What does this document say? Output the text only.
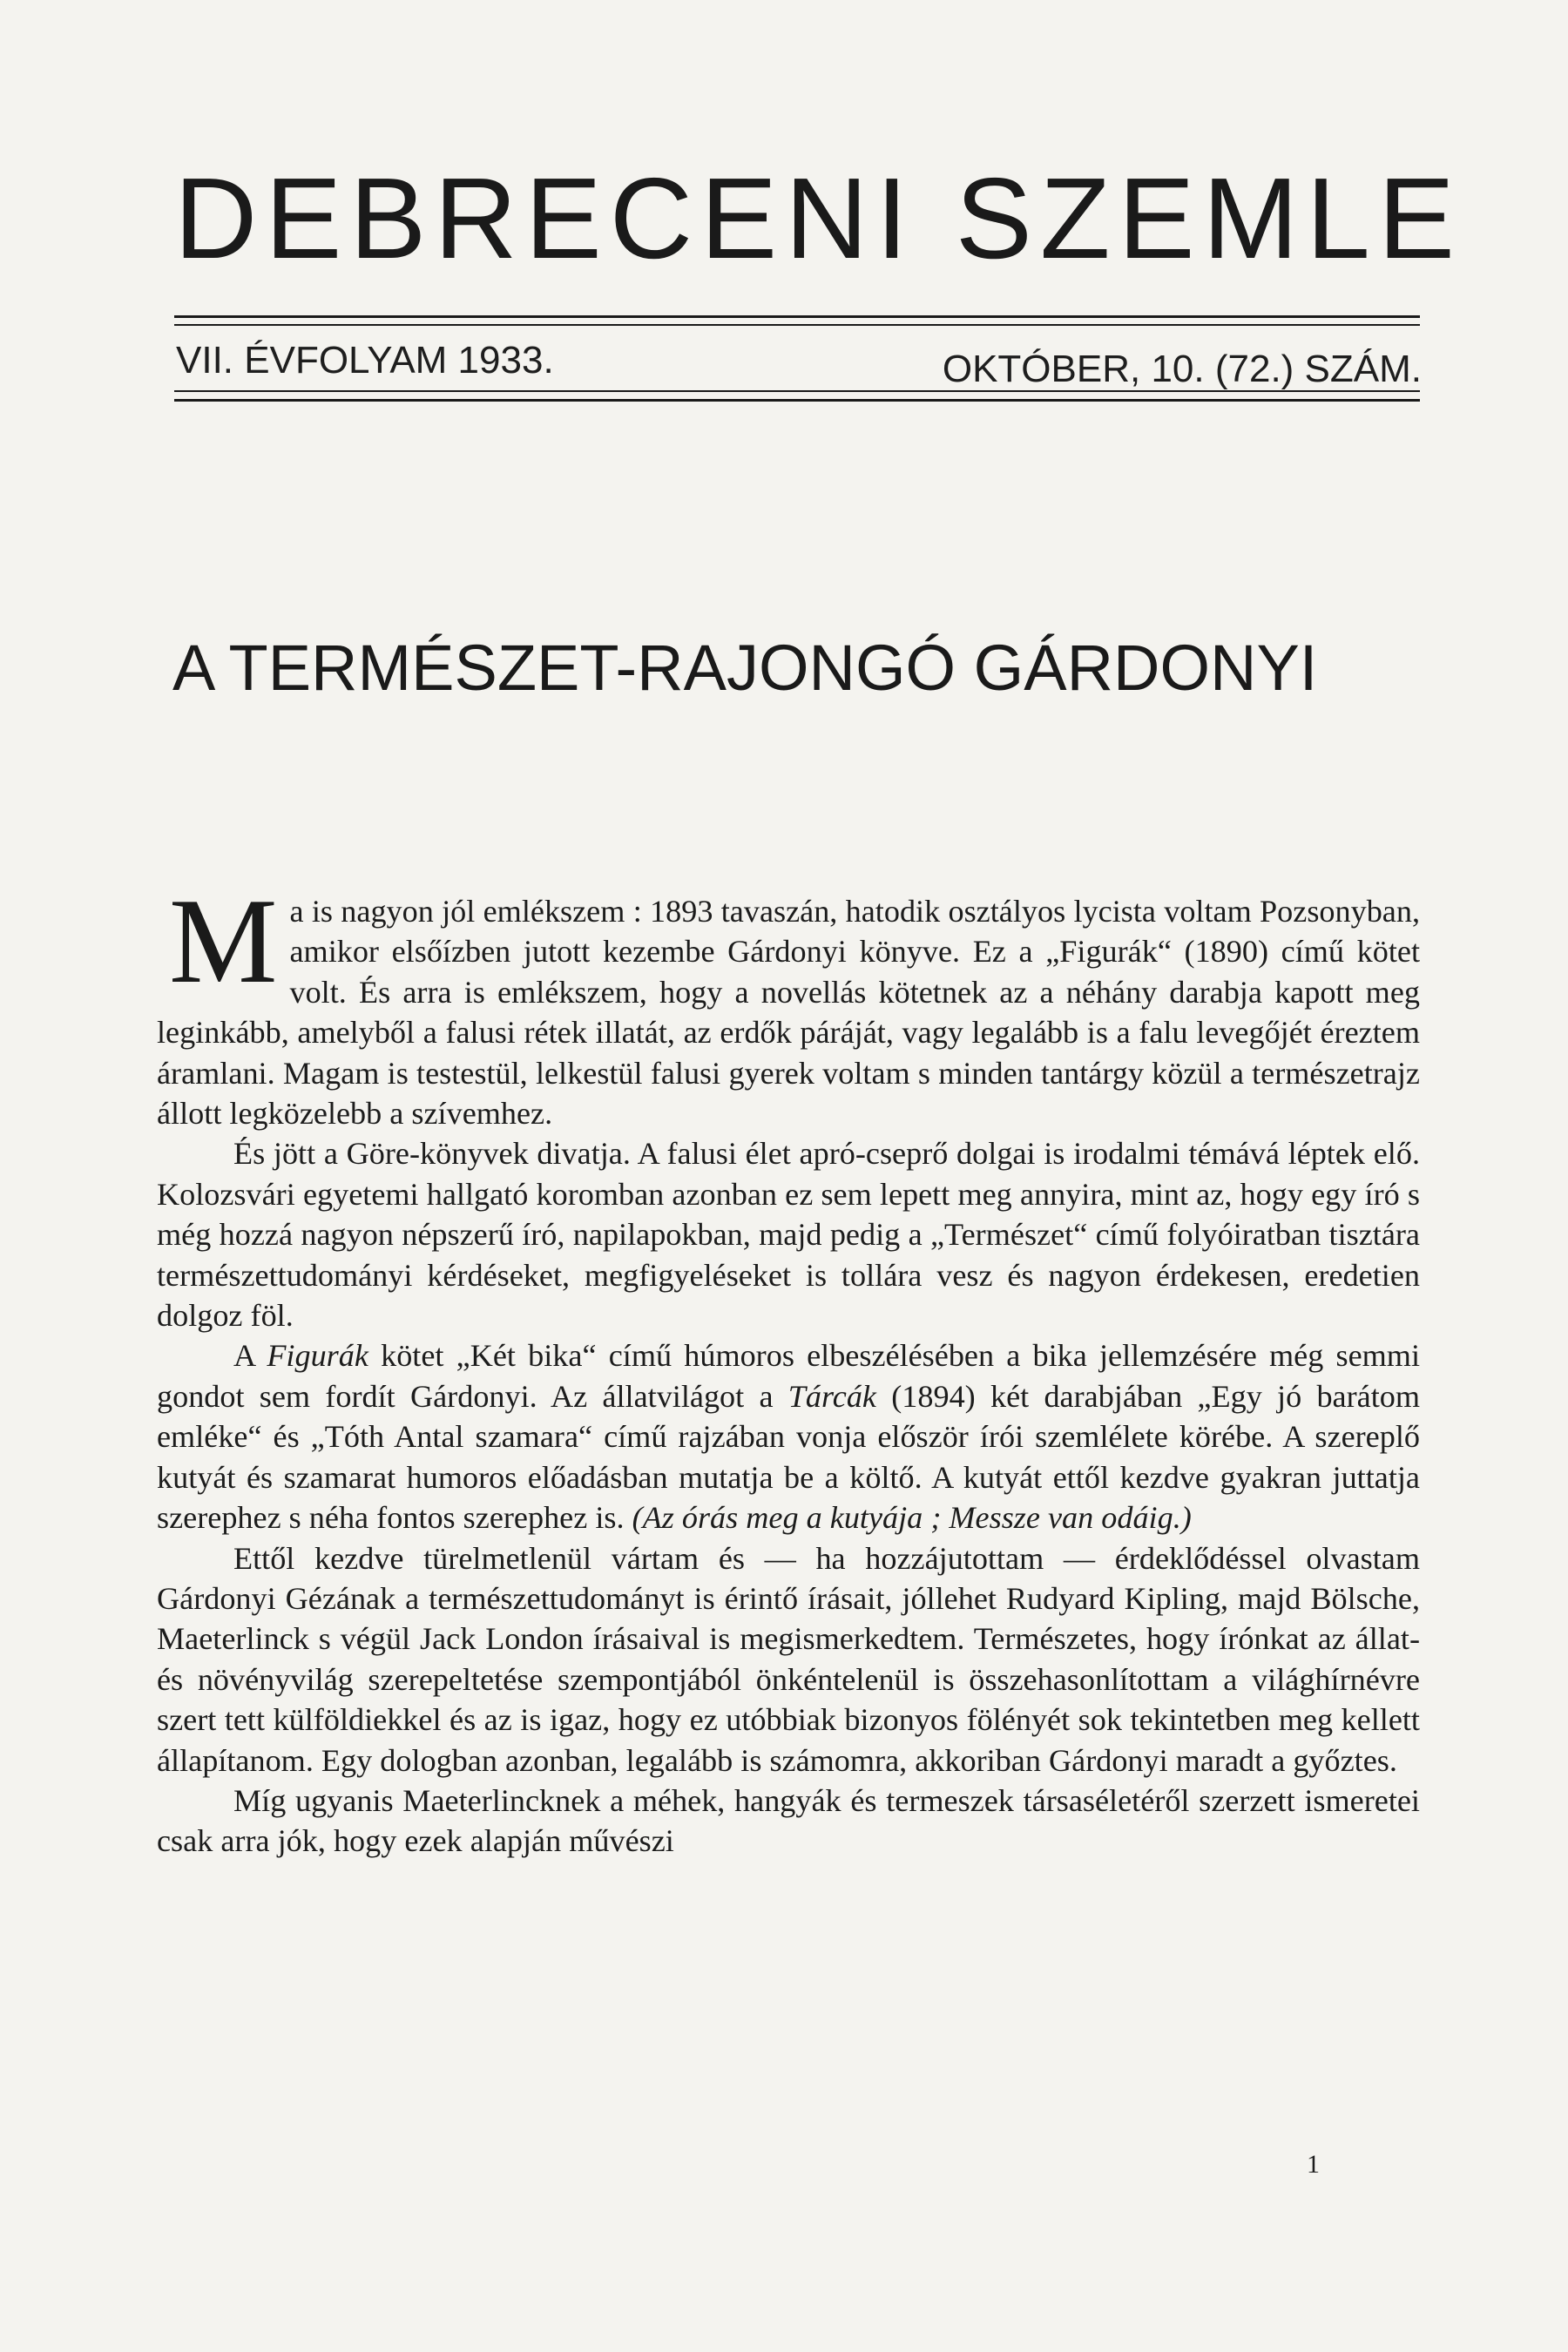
DEBRECENI SZEMLE
VII. ÉVFOLYAM 1933.	OKTÓBER, 10. (72.) SZÁM.
A TERMÉSZET-RAJONGÓ GÁRDONYI

Ma is nagyon jól emlékszem : 1893 tavaszán, hatodik osztályos lycista voltam Pozsonyban, amikor elsőízben jutott kezembe Gárdonyi könyve. Ez a „Figurák“ (1890) című kötet volt. És arra is emlékszem, hogy a novellás kötetnek az a néhány darabja kapott meg leginkább, amelyből a falusi rétek illatát, az erdők páráját, vagy legalább is a falu levegőjét éreztem áramlani. Magam is testestül, lelkestül falusi gyerek voltam s minden tantárgy közül a természetrajz állott legközelebb a szívemhez.

És jött a Göre-könyvek divatja. A falusi élet apró-cseprő dolgai is irodalmi témává léptek elő. Kolozsvári egyetemi hallgató koromban azonban ez sem lepett meg annyira, mint az, hogy egy író s még hozzá nagyon népszerű író, napilapokban, majd pedig a „Természet“ című folyóiratban tisztára természettudományi kérdéseket, megfigyeléseket is tollára vesz és nagyon érdekesen, eredetien dolgoz föl.

A Figurák kötet „Két bika“ című húmoros elbeszélésében a bika jellemzésére még semmi gondot sem fordít Gárdonyi. Az állatvilágot a Tárcák (1894) két darabjában „Egy jó barátom emléke“ és „Tóth Antal szamara“ című rajzában vonja először írói szemlélete körébe. A szereplő kutyát és szamarat humoros előadásban mutatja be a költő. A kutyát ettől kezdve gyakran juttatja szerephez s néha fontos szerephez is. (Az órás meg a kutyája ; Messze van odáig.)

Ettől kezdve türelmetlenül vártam és — ha hozzájutottam — érdeklődéssel olvastam Gárdonyi Gézának a természettudományt is érintő írásait, jóllehet Rudyard Kipling, majd Bölsche, Maeterlinck s végül Jack London írásaival is megismerkedtem. Természetes, hogy írónkat az állat- és növényvilág szerepeltetése szempontjából önkéntelenül is összehasonlítottam a világhírnévre szert tett külföldiekkel és az is igaz, hogy ez utóbbiak bizonyos fölényét sok tekintetben meg kellett állapítanom. Egy dologban azonban, legalább is számomra, akkoriban Gárdonyi maradt a győztes.

Míg ugyanis Maeterlincknek a méhek, hangyák és termeszek társaséletéről szerzett ismeretei csak arra jók, hogy ezek alapján művészi

1
